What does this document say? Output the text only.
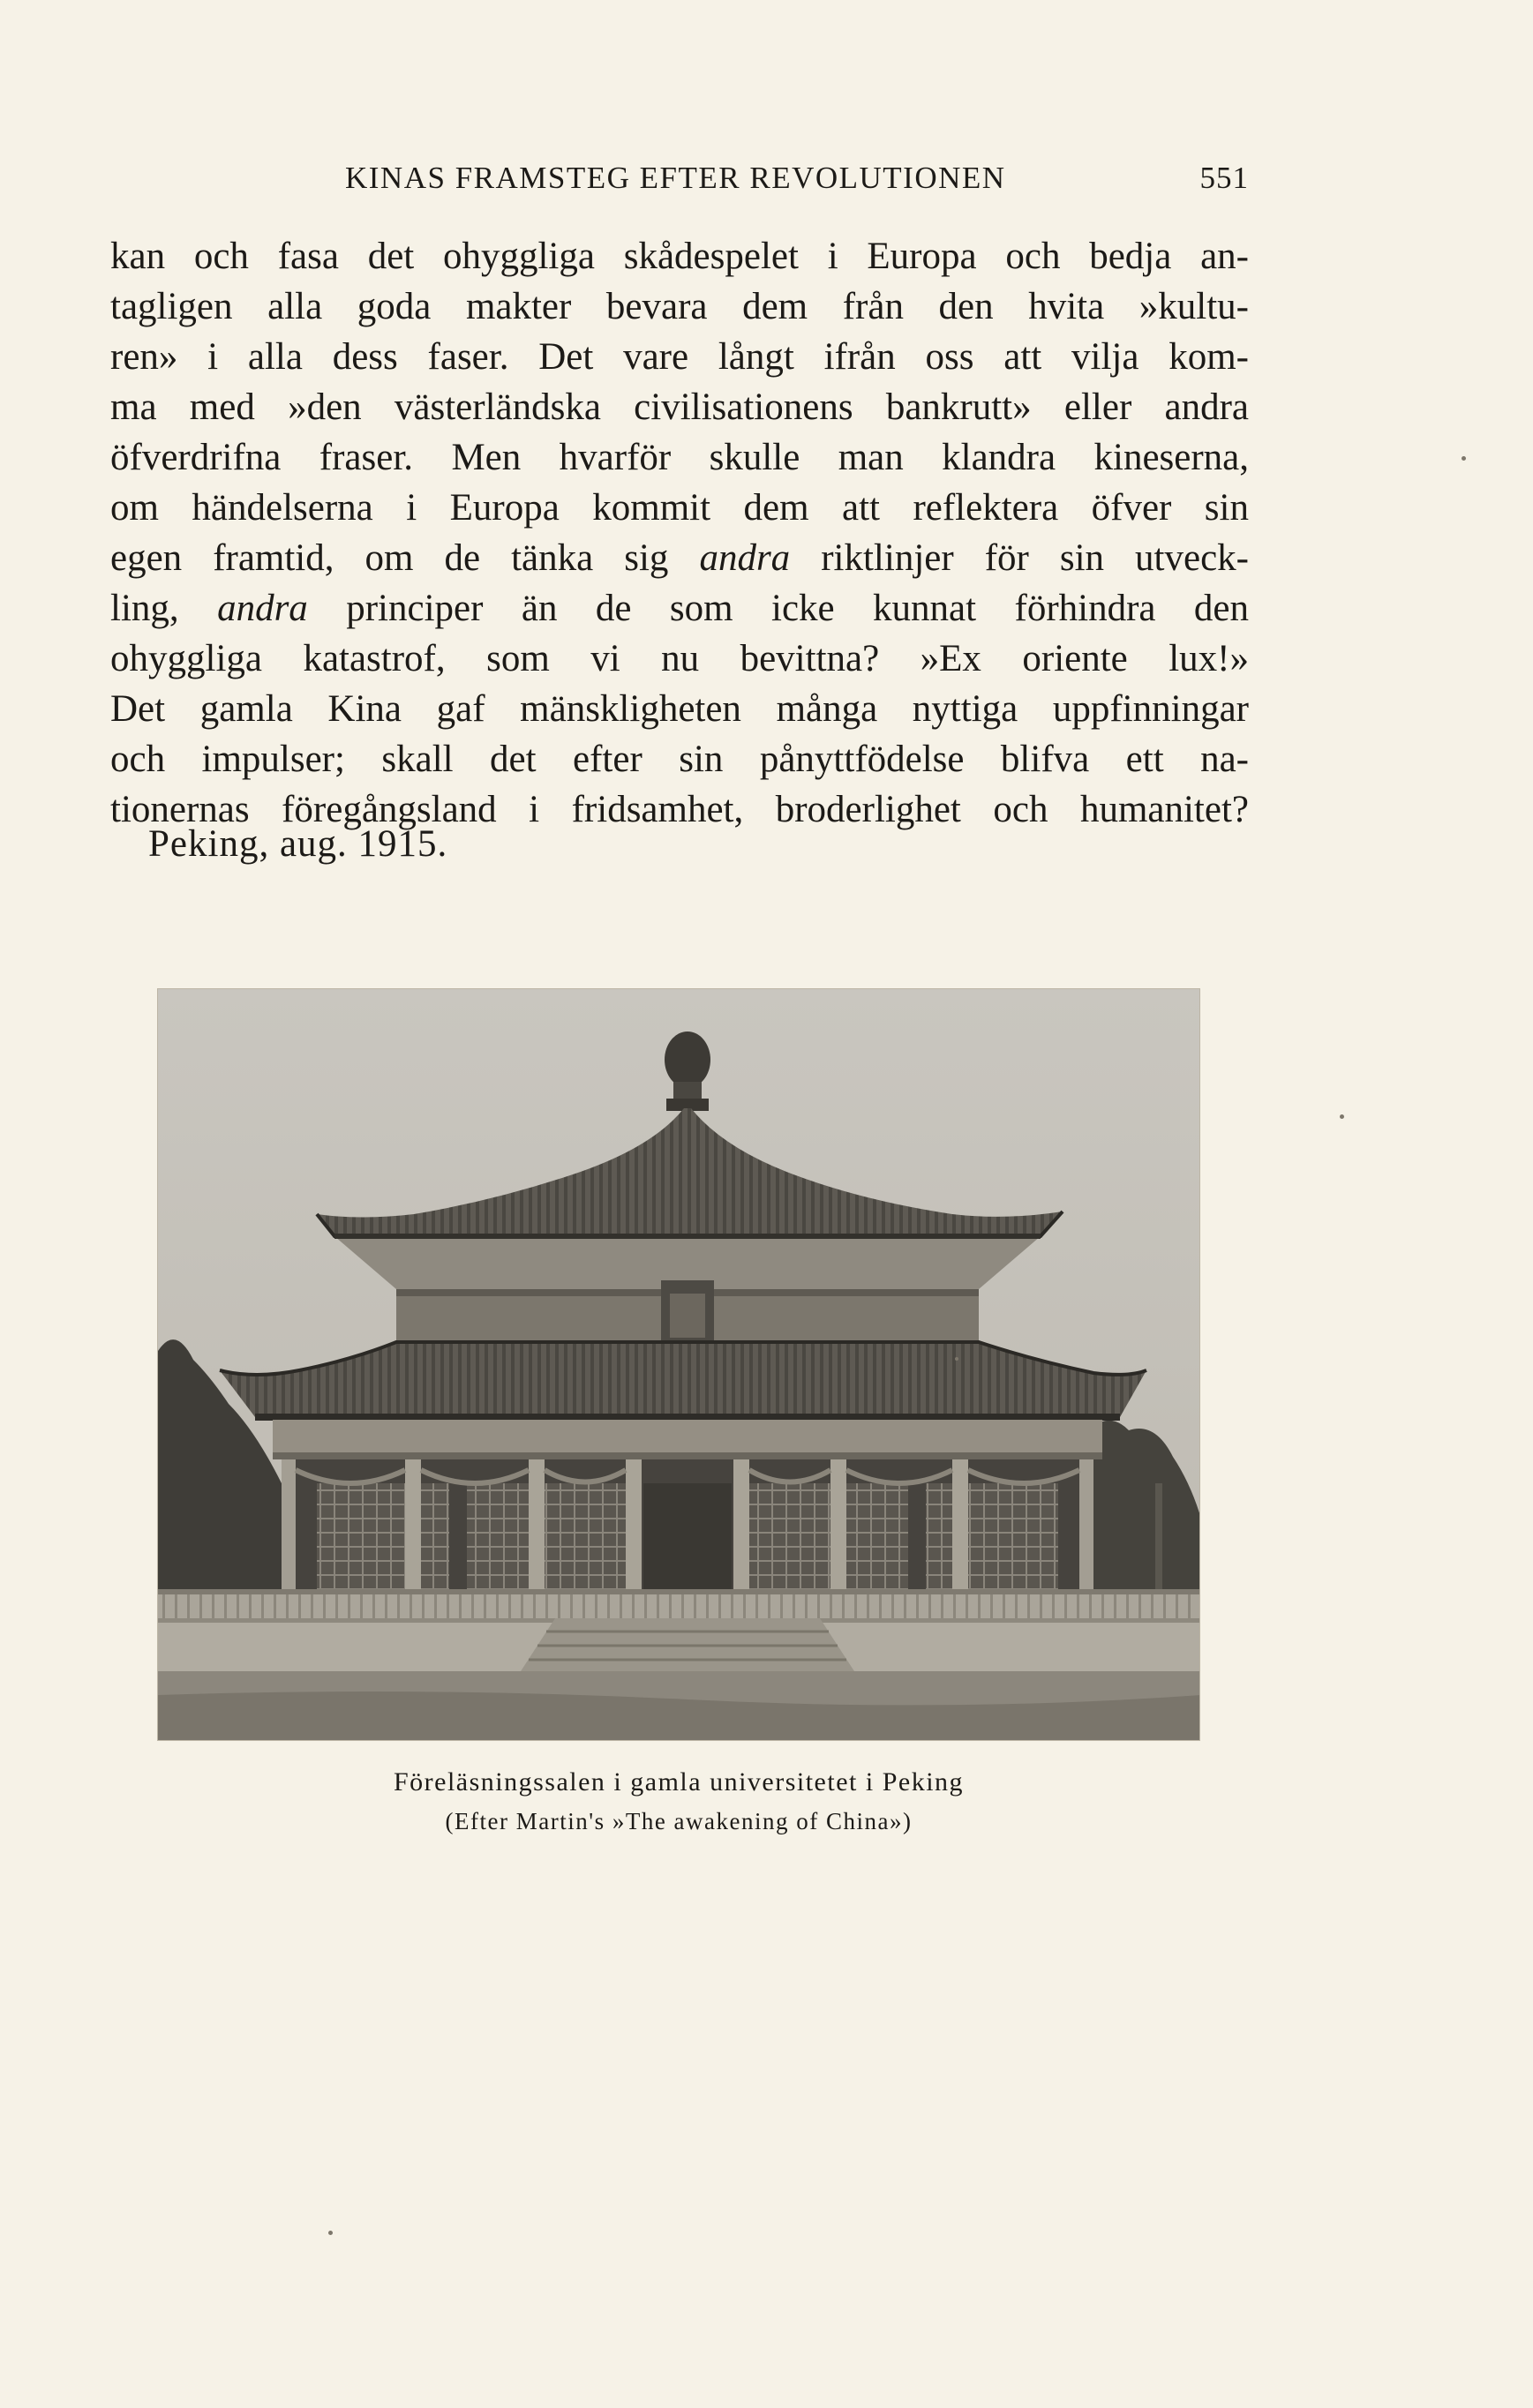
KINAS FRAMSTEG EFTER REVOLUTIONEN	551
kan och fasa det ohyggliga skådespelet i Europa och bedja an-
tagligen alla goda makter bevara dem från den hvita »kultu-
ren» i alla dess faser. Det vare långt ifrån oss att vilja kom-
ma med »den västerländska civilisationens bankrutt» eller andra
öfverdrifna fraser. Men hvarför skulle man klandra kineserna,
om händelserna i Europa kommit dem att reflektera öfver sin
egen framtid, om de tänka sig andra riktlinjer för sin utveck-
ling, andra principer än de som icke kunnat förhindra den
ohyggliga katastrof, som vi nu bevittna? »Ex oriente lux!»
Det gamla Kina gaf mänskligheten många nyttiga uppfinningar
och impulser; skall det efter sin pånyttfödelse blifva ett na-
tionernas föregångsland i fridsamhet, broderlighet och humanitet?
Peking, aug. 1915.
Föreläsningssalen i gamla universitetet i Peking
(Efter Martin's »The awakening of China»)
